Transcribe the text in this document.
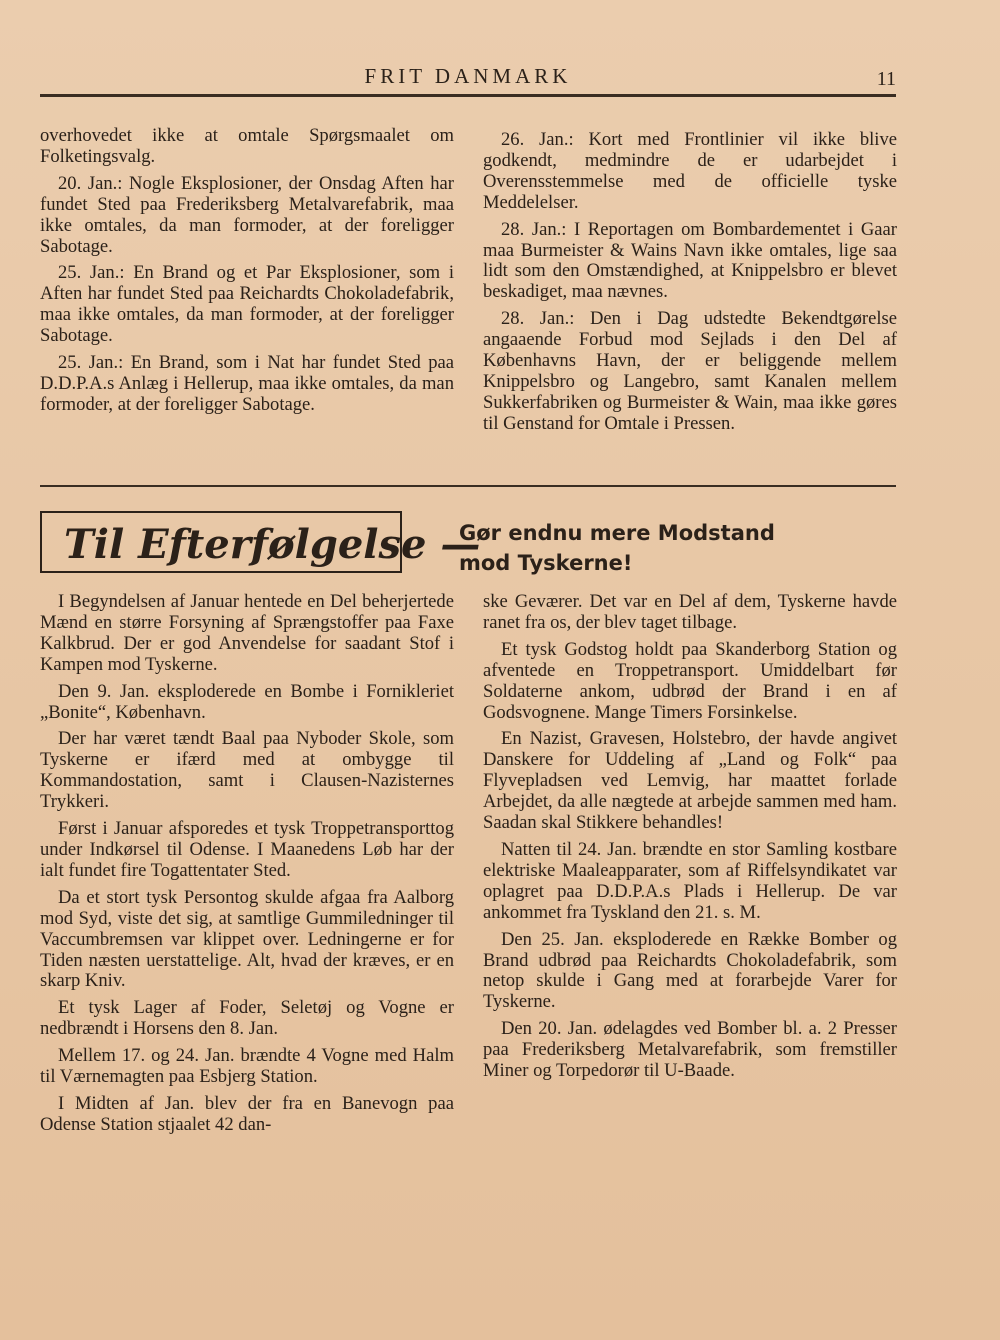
FRIT DANMARK	11

overhovedet ikke at omtale Spørgsmaalet om Folketingsvalg.

20. Jan.: Nogle Eksplosioner, der Onsdag Aften har fundet Sted paa Frederiksberg Metalvarefabrik, maa ikke omtales, da man formoder, at der foreligger Sabotage.

25. Jan.: En Brand og et Par Eksplosioner, som i Aften har fundet Sted paa Reichardts Chokoladefabrik, maa ikke omtales, da man formoder, at der foreligger Sabotage.

25. Jan.: En Brand, som i Nat har fundet Sted paa D.D.P.A.s Anlæg i Hellerup, maa ikke omtales, da man formoder, at der foreligger Sabotage.

26. Jan.: Kort med Frontlinier vil ikke blive godkendt, medmindre de er udarbejdet i Overensstemmelse med de officielle tyske Meddelelser.

28. Jan.: I Reportagen om Bombardementet i Gaar maa Burmeister & Wains Navn ikke omtales, lige saa lidt som den Omstændighed, at Knippelsbro er blevet beskadiget, maa nævnes.

28. Jan.: Den i Dag udstedte Bekendtgørelse angaaende Forbud mod Sejlads i den Del af Københavns Havn, der er beliggende mellem Knippelsbro og Langebro, samt Kanalen mellem Sukkerfabriken og Burmeister & Wain, maa ikke gøres til Genstand for Omtale i Pressen.

Til Efterfølgelse —
Gør endnu mere Modstand
mod Tyskerne!

I Begyndelsen af Januar hentede en Del beherjertede Mænd en større Forsyning af Sprængstoffer paa Faxe Kalkbrud. Der er god Anvendelse for saadant Stof i Kampen mod Tyskerne.

Den 9. Jan. eksploderede en Bombe i Fornikleriet „Bonite“, København.

Der har været tændt Baal paa Nyboder Skole, som Tyskerne er ifærd med at ombygge til Kommandostation, samt i Clausen-Nazisternes Trykkeri.

Først i Januar afsporedes et tysk Troppetransporttog under Indkørsel til Odense. I Maanedens Løb har der ialt fundet fire Togattentater Sted.

Da et stort tysk Persontog skulde afgaa fra Aalborg mod Syd, viste det sig, at samtlige Gummiledninger til Vaccumbremsen var klippet over. Ledningerne er for Tiden næsten uerstattelige. Alt, hvad der kræves, er en skarp Kniv.

Et tysk Lager af Foder, Seletøj og Vogne er nedbrændt i Horsens den 8. Jan.

Mellem 17. og 24. Jan. brændte 4 Vogne med Halm til Værnemagten paa Esbjerg Station.

I Midten af Jan. blev der fra en Banevogn paa Odense Station stjaalet 42 dan-

ske Geværer. Det var en Del af dem, Tyskerne havde ranet fra os, der blev taget tilbage.

Et tysk Godstog holdt paa Skanderborg Station og afventede en Troppetransport. Umiddelbart før Soldaterne ankom, udbrød der Brand i en af Godsvognene. Mange Timers Forsinkelse.

En Nazist, Gravesen, Holstebro, der havde angivet Danskere for Uddeling af „Land og Folk“ paa Flyvepladsen ved Lemvig, har maattet forlade Arbejdet, da alle nægtede at arbejde sammen med ham. Saadan skal Stikkere behandles!

Natten til 24. Jan. brændte en stor Samling kostbare elektriske Maaleapparater, som af Riffelsyndikatet var oplagret paa D.D.P.A.s Plads i Hellerup. De var ankommet fra Tyskland den 21. s. M.

Den 25. Jan. eksploderede en Række Bomber og Brand udbrød paa Reichardts Chokoladefabrik, som netop skulde i Gang med at forarbejde Varer for Tyskerne.

Den 20. Jan. ødelagdes ved Bomber bl. a. 2 Presser paa Frederiksberg Metalvarefabrik, som fremstiller Miner og Torpedorør til U-Baade.
